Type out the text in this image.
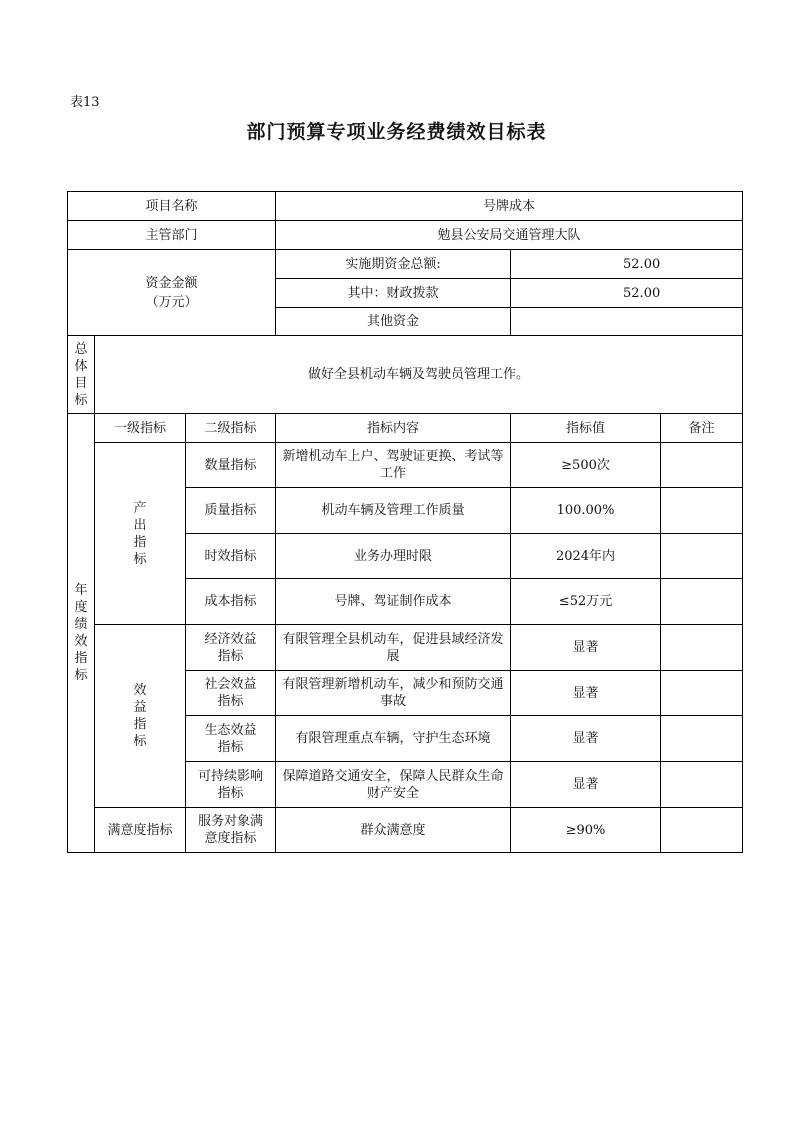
表13
部门预算专项业务经费绩效目标表
项目名称			号牌成本		
主管部门			勉县公安局交通管理大队		

资金金额
（万元）			实施期资金总额:	52.00	
			其中：财政拨款	52.00	
			其他资金		
总体目标	做好全县机动车辆及驾驶员管理工作。				
年度绩效指标	一级指标	二级指标	指标内容	指标值	备注
	产出指标	数量指标	新增机动车上户、驾驶证更换、考试等工作	≥500次	
		质量指标	机动车辆及管理工作质量	100.00%	
		时效指标	业务办理时限	2024年内	
		成本指标	号牌、驾证制作成本	≤52万元	
	效益指标	经济效益指标	有限管理全县机动车，促进县域经济发展	显著	
		社会效益指标	有限管理新增机动车，减少和预防交通事故	显著	
		生态效益指标	有限管理重点车辆，守护生态环境	显著	
		可持续影响指标	保障道路交通安全，保障人民群众生命财产安全	显著	
	满意度指标	服务对象满意度指标	群众满意度	≥90%	
